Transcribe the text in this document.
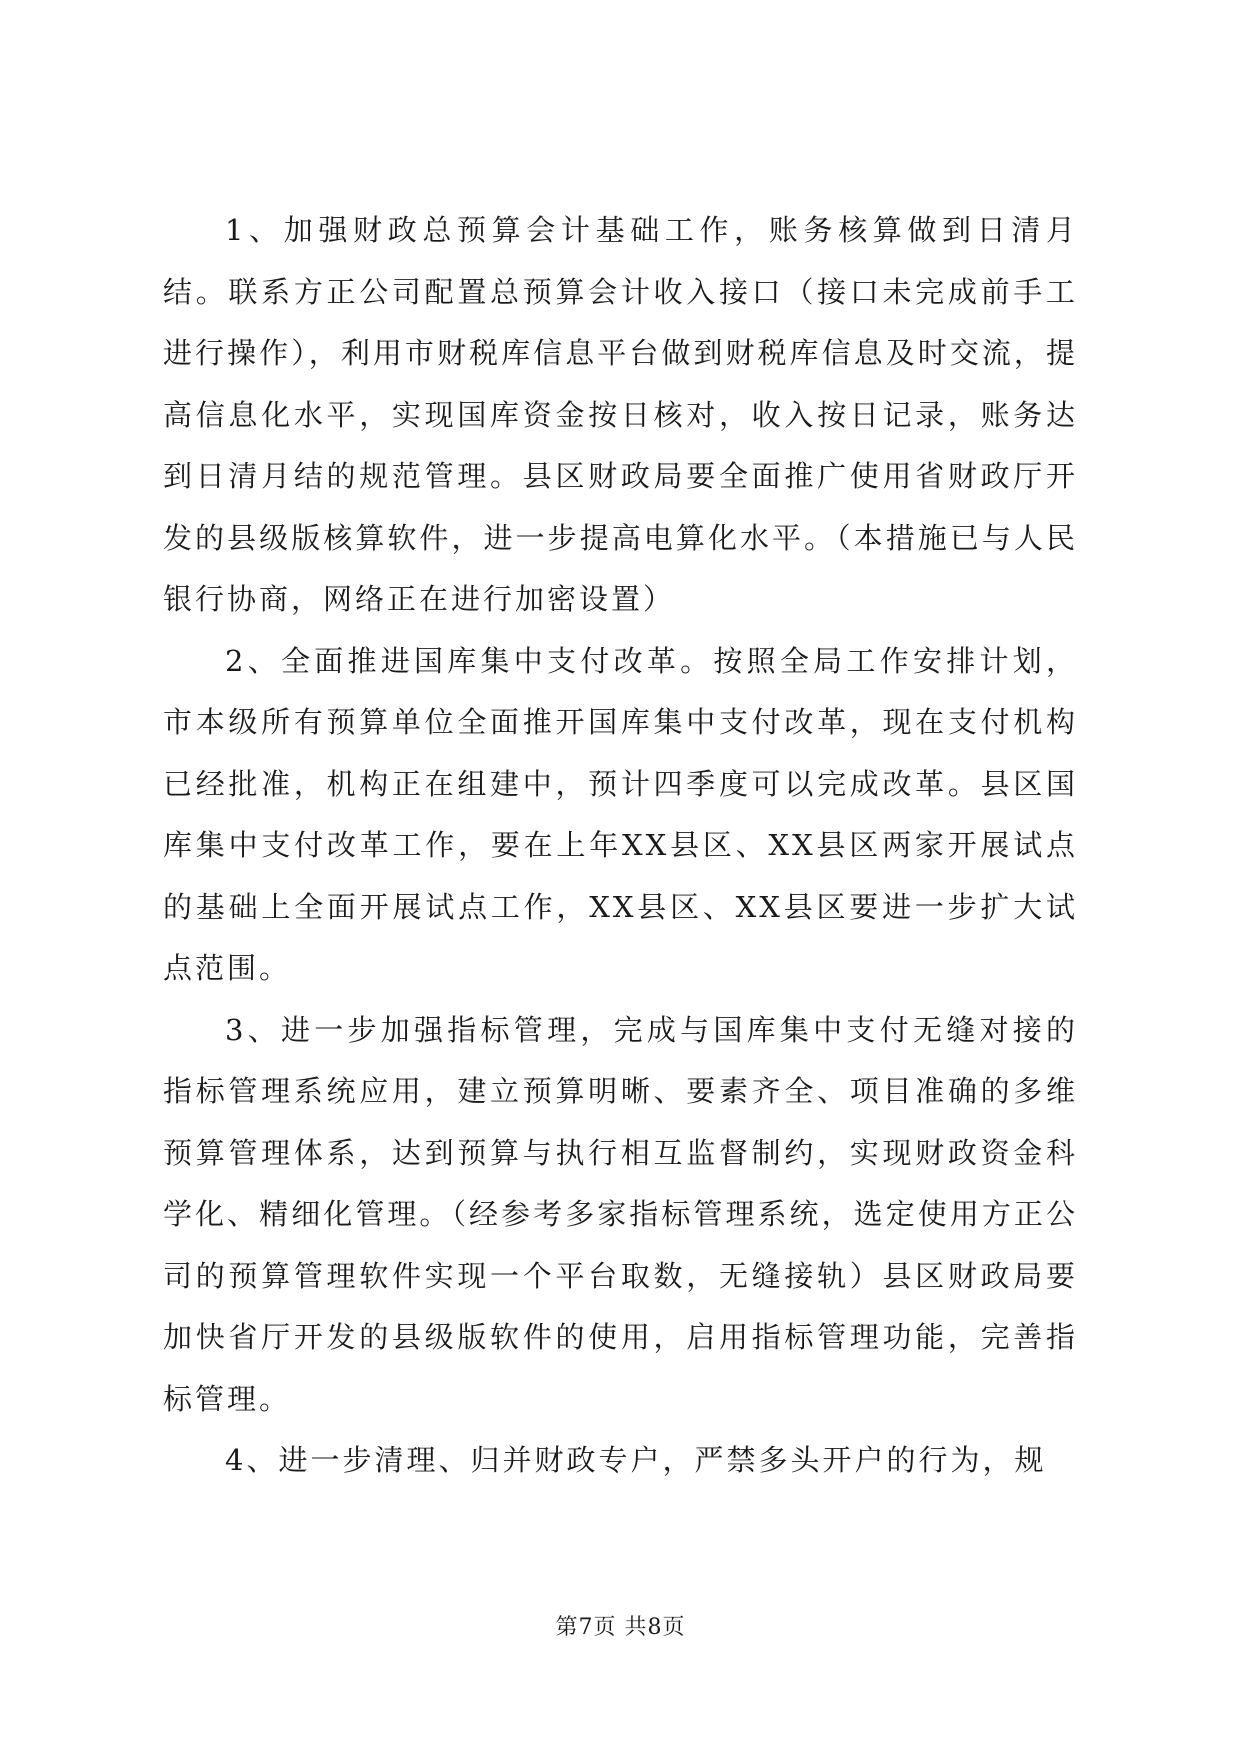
1、加强财政总预算会计基础工作，账务核算做到日清月结。联系方正公司配置总预算会计收入接口（接口未完成前手工进行操作），利用市财税库信息平台做到财税库信息及时交流，提高信息化水平，实现国库资金按日核对，收入按日记录，账务达到日清月结的规范管理。县区财政局要全面推广使用省财政厅开发的县级版核算软件，进一步提高电算化水平。（本措施已与人民银行协商，网络正在进行加密设置）

2、全面推进国库集中支付改革。按照全局工作安排计划，市本级所有预算单位全面推开国库集中支付改革，现在支付机构已经批准，机构正在组建中，预计四季度可以完成改革。县区国库集中支付改革工作，要在上年XX县区、XX县区两家开展试点的基础上全面开展试点工作，XX县区、XX县区要进一步扩大试点范围。

3、进一步加强指标管理，完成与国库集中支付无缝对接的指标管理系统应用，建立预算明晰、要素齐全、项目准确的多维预算管理体系，达到预算与执行相互监督制约，实现财政资金科学化、精细化管理。（经参考多家指标管理系统，选定使用方正公司的预算管理软件实现一个平台取数，无缝接轨）县区财政局要加快省厅开发的县级版软件的使用，启用指标管理功能，完善指标管理。

4、进一步清理、归并财政专户，严禁多头开户的行为，规

第7页 共8页
